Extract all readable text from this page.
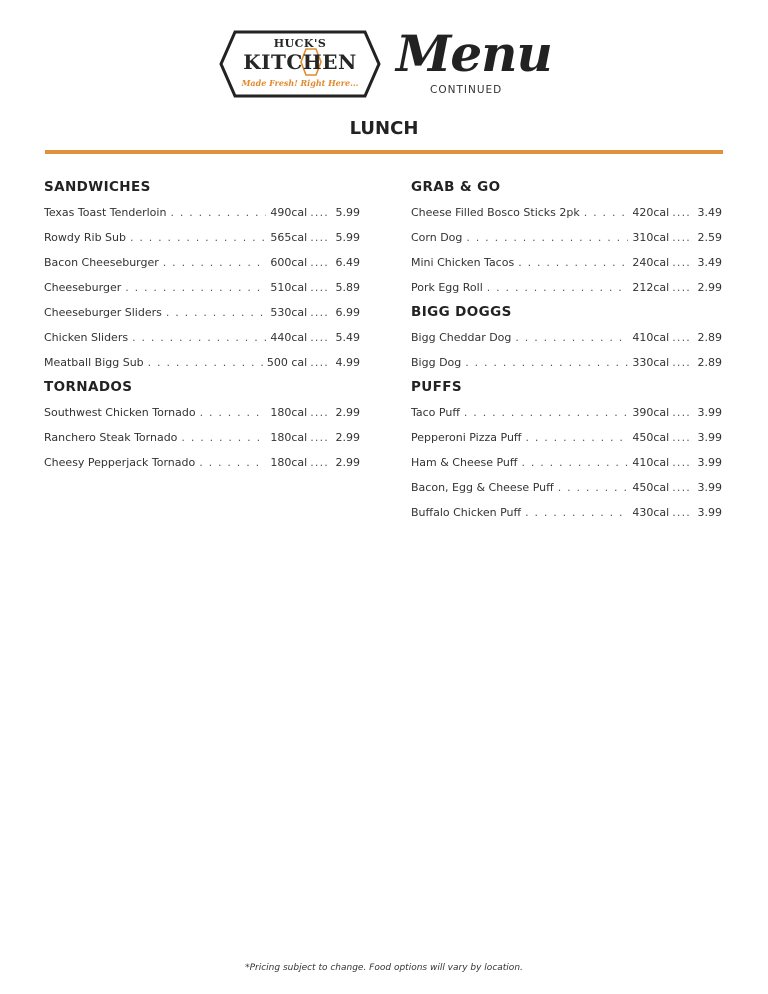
HUCK'S
KITCHEN
Made Fresh! Right Here... Menu
CONTINUED
LUNCH
SANDWICHES
Texas Toast Tenderloin . . .	490cal .... 5.99
Rowdy Rib Sub . . .	565cal .... 5.99
Bacon Cheeseburger . . .	600cal .... 6.49
Cheeseburger . . .	510cal .... 5.89
Cheeseburger Sliders . . .	530cal .... 6.99
Chicken Sliders . . .	440cal .... 5.49
Meatball Bigg Sub . . .	500 cal .... 4.99
TORNADOS
Southwest Chicken Tornado . . .	180cal .... 2.99
Ranchero Steak Tornado . . .	180cal .... 2.99
Cheesy Pepperjack Tornado . . .	180cal .... 2.99
GRAB & GO
Cheese Filled Bosco Sticks 2pk . . .	420cal .... 3.49
Corn Dog . . .	310cal .... 2.59
Mini Chicken Tacos . . .	240cal .... 3.49
Pork Egg Roll . . .	212cal .... 2.99
BIGG DOGGS
Bigg Cheddar Dog . . .	410cal .... 2.89
Bigg Dog . . .	330cal .... 2.89
PUFFS
Taco Puff . . .	390cal .... 3.99
Pepperoni Pizza Puff . . .	450cal .... 3.99
Ham & Cheese Puff . . .	410cal .... 3.99
Bacon, Egg & Cheese Puff . . .	450cal .... 3.99
Buffalo Chicken Puff . . .	430cal .... 3.99
*Pricing subject to change. Food options will vary by location.
